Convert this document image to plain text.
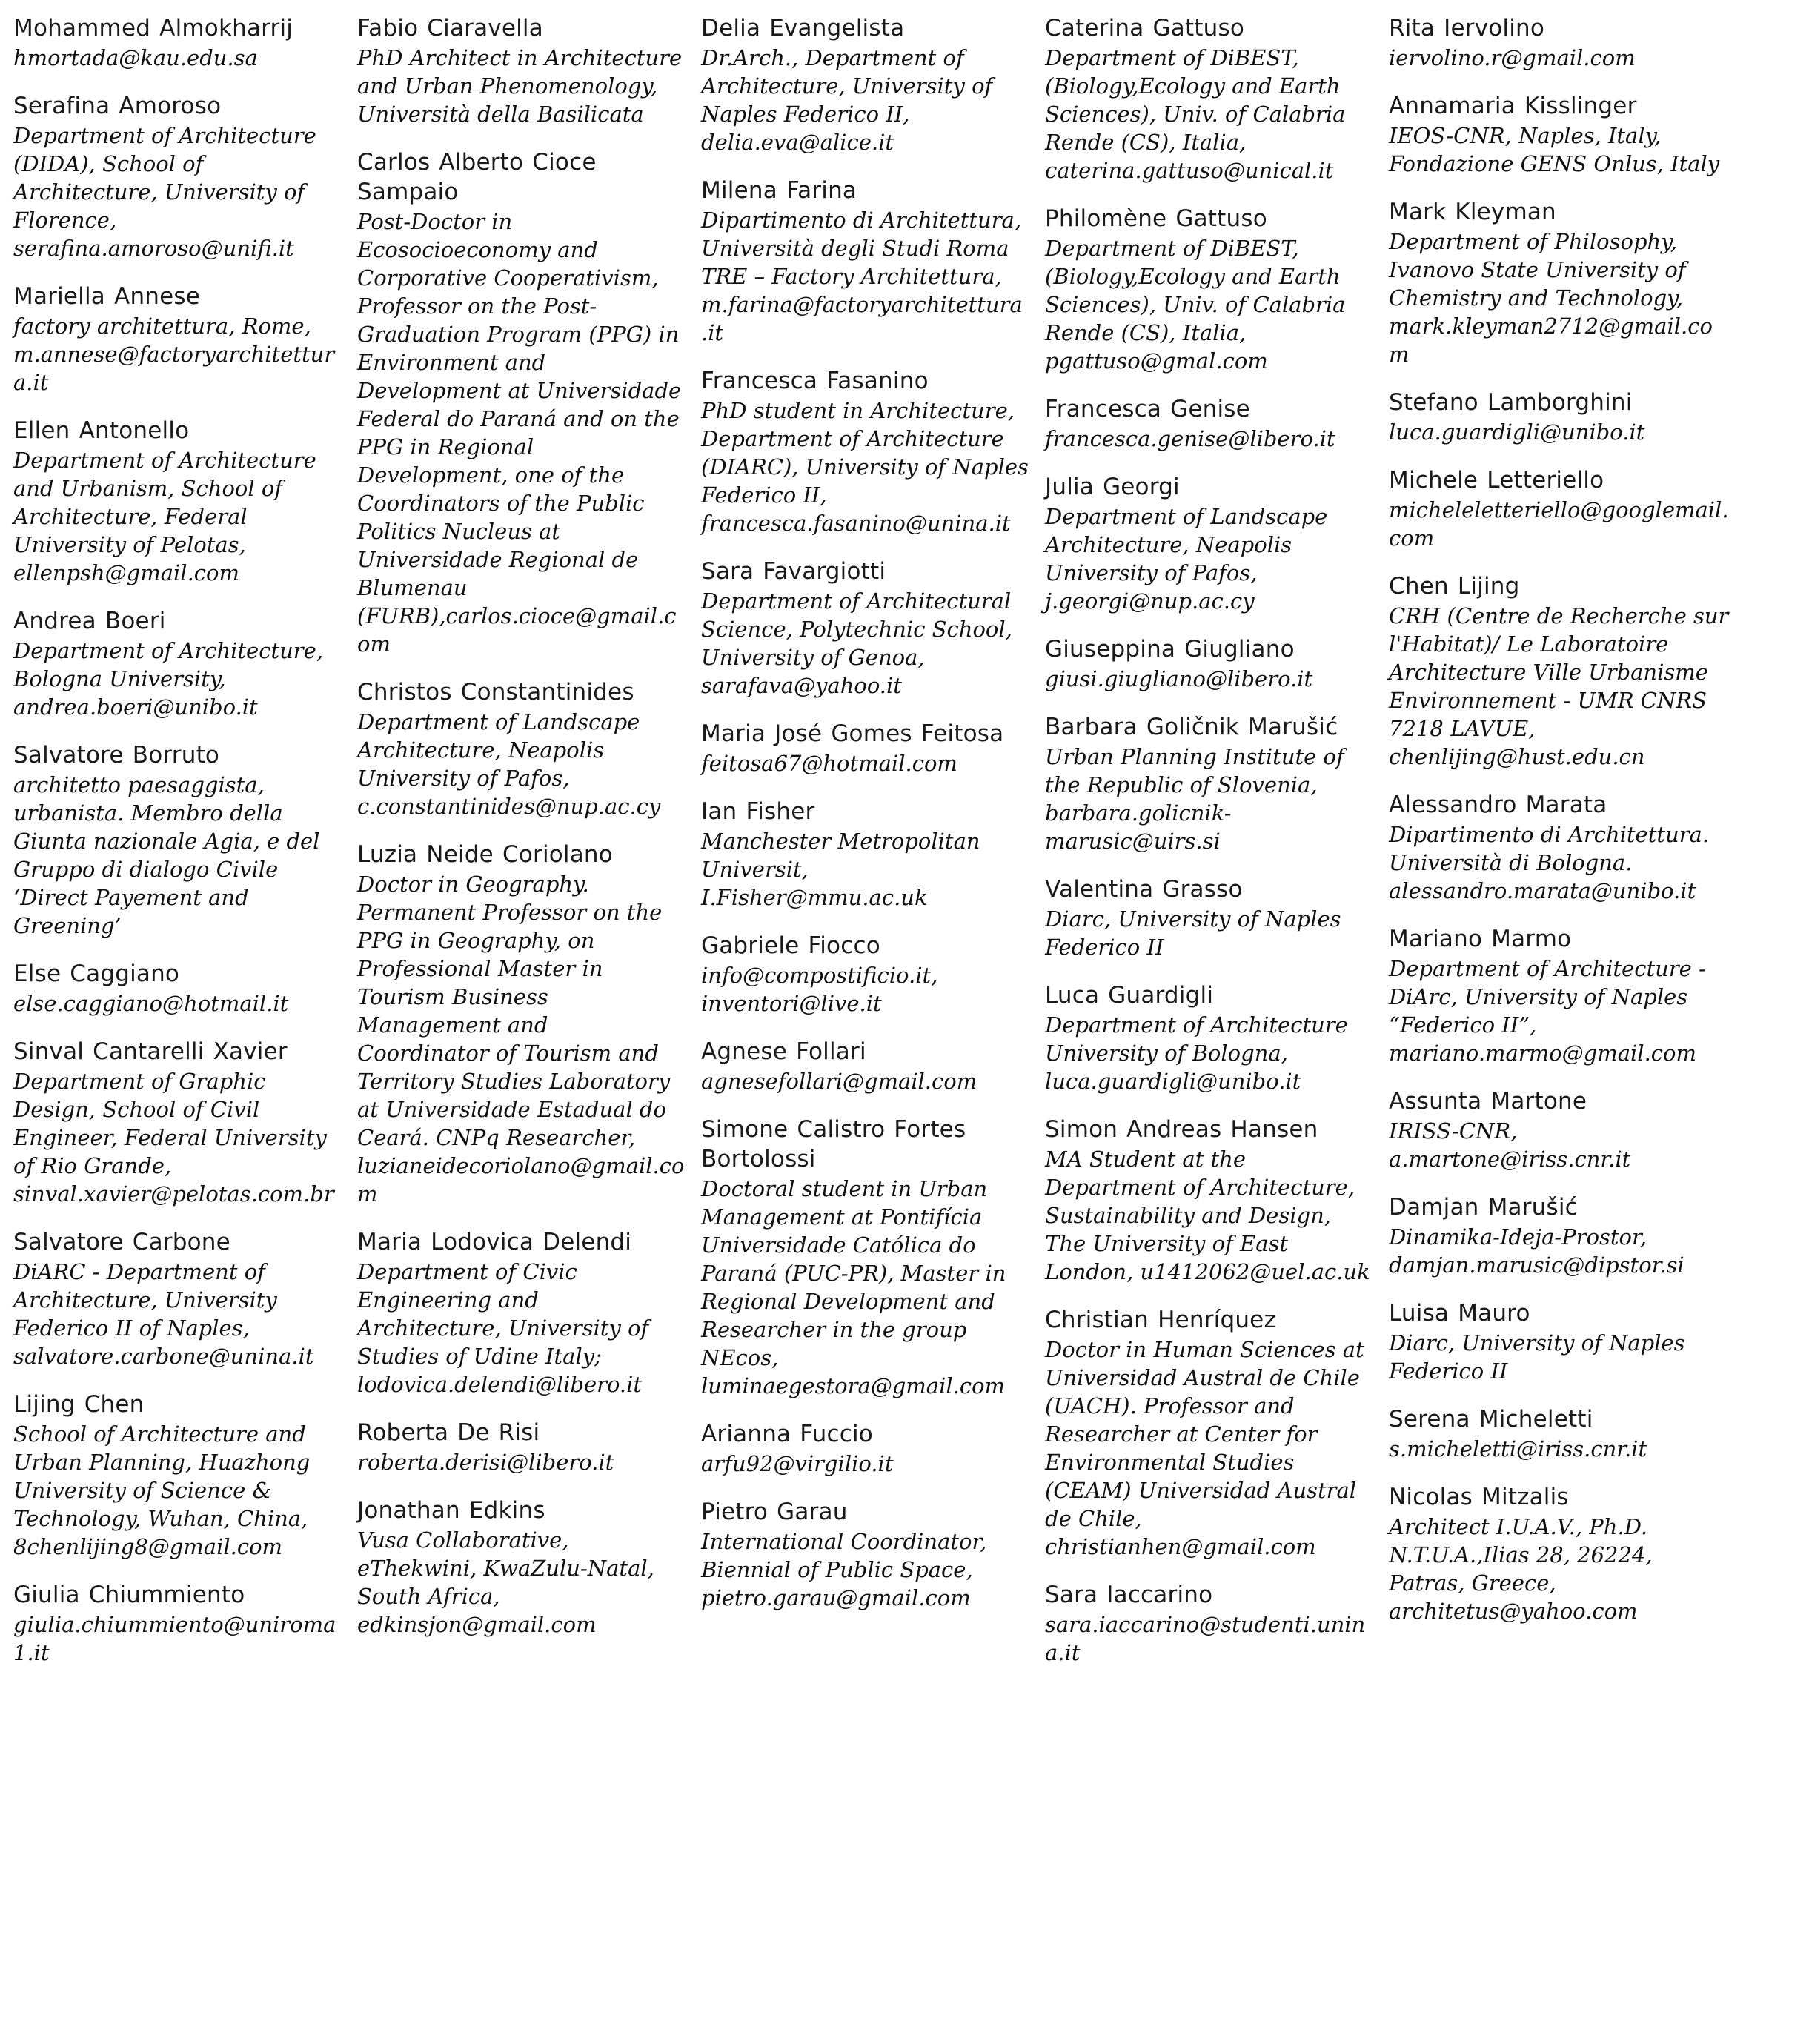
Mohammed Almokharrij
hmortada@kau.edu.sa
Serafina Amoroso
Department of Architecture (DIDA), School of Architecture, University of Florence, serafina.amoroso@unifi.it
Mariella Annese
factory architettura, Rome, m.annese@factoryarchitettura.it
Ellen Antonello
Department of Architecture and Urbanism, School of Architecture, Federal University of Pelotas, ellenpsh@gmail.com
Andrea Boeri
Department of Architecture, Bologna University, andrea.boeri@unibo.it
Salvatore Borruto
architetto paesaggista, urbanista. Membro della Giunta nazionale Agia, e del Gruppo di dialogo Civile ‘Direct Payement and Greening’
Else Caggiano
else.caggiano@hotmail.it
Sinval Cantarelli Xavier
Department of Graphic Design, School of Civil Engineer, Federal University of Rio Grande, sinval.xavier@pelotas.com.br
Salvatore Carbone
DiARC - Department of Architecture, University Federico II of Naples, salvatore.carbone@unina.it
Lijing Chen
School of Architecture and Urban Planning, Huazhong University of Science & Technology, Wuhan, China, 8chenlijing8@gmail.com
Giulia Chiummiento
giulia.chiummiento@uniroma1.it
Fabio Ciaravella
PhD Architect in Architecture and Urban Phenomenology, Università della Basilicata
Carlos Alberto Cioce Sampaio
Post-Doctor in Ecosocioeconomy and Corporative Cooperativism, Professor on the Post-Graduation Program (PPG) in Environment and Development at Universidade Federal do Paraná and on the PPG in Regional Development, one of the Coordinators of the Public Politics Nucleus at Universidade Regional de Blumenau (FURB),carlos.cioce@gmail.com
Christos Constantinides
Department of Landscape Architecture, Neapolis University of Pafos, c.constantinides@nup.ac.cy
Luzia Neide Coriolano
Doctor in Geography. Permanent Professor on the PPG in Geography, on Professional Master in Tourism Business Management and Coordinator of Tourism and Territory Studies Laboratory at Universidade Estadual do Ceará. CNPq Researcher, luzianeidecoriolano@gmail.com
Maria Lodovica Delendi
Department of Civic Engineering and Architecture, University of Studies of Udine Italy; lodovica.delendi@libero.it
Roberta De Risi
roberta.derisi@libero.it
Jonathan Edkins
Vusa Collaborative, eThekwini, KwaZulu-Natal, South Africa, edkinsjon@gmail.com
Delia Evangelista
Dr.Arch., Department of Architecture, University of Naples Federico II, delia.eva@alice.it
Milena Farina
Dipartimento di Architettura, Università degli Studi Roma TRE – Factory Architettura, m.farina@factoryarchitettura.it
Francesca Fasanino
PhD student in Architecture, Department of Architecture (DIARC), University of Naples Federico II, francesca.fasanino@unina.it
Sara Favargiotti
Department of Architectural Science, Polytechnic School, University of Genoa, sarafava@yahoo.it
Maria José Gomes Feitosa
feitosa67@hotmail.com
Ian Fisher
Manchester Metropolitan Universit, I.Fisher@mmu.ac.uk
Gabriele Fiocco
info@compostificio.it, inventori@live.it
Agnese Follari
agnesefollari@gmail.com
Simone Calistro Fortes Bortolossi
Doctoral student in Urban Management at Pontifícia Universidade Católica do Paraná (PUC-PR), Master in Regional Development and Researcher in the group NEcos, luminaegestora@gmail.com
Arianna Fuccio
arfu92@virgilio.it
Pietro Garau
International Coordinator, Biennial of Public Space, pietro.garau@gmail.com
Caterina Gattuso
Department of DiBEST, (Biology,Ecology and Earth Sciences), Univ. of Calabria Rende (CS), Italia, caterina.gattuso@unical.it
Philomène Gattuso
Department of DiBEST, (Biology,Ecology and Earth Sciences), Univ. of Calabria Rende (CS), Italia, pgattuso@gmal.com
Francesca Genise
francesca.genise@libero.it
Julia Georgi
Department of Landscape Architecture, Neapolis University of Pafos, j.georgi@nup.ac.cy
Giuseppina Giugliano
giusi.giugliano@libero.it
Barbara Goličnik Marušić
Urban Planning Institute of the Republic of Slovenia, barbara.golicnik-marusic@uirs.si
Valentina Grasso
Diarc, University of Naples Federico II
Luca Guardigli
Department of Architecture University of Bologna, luca.guardigli@unibo.it
Simon Andreas Hansen
MA Student at the Department of Architecture, Sustainability and Design, The University of East London, u1412062@uel.ac.uk
Christian Henríquez
Doctor in Human Sciences at Universidad Austral de Chile (UACH). Professor and Researcher at Center for Environmental Studies (CEAM) Universidad Austral de Chile, christianhen@gmail.com
Sara Iaccarino
sara.iaccarino@studenti.unina.it
Rita Iervolino
iervolino.r@gmail.com
Annamaria Kisslinger
IEOS-CNR, Naples, Italy, Fondazione GENS Onlus, Italy
Mark Kleyman
Department of Philosophy, Ivanovo State University of Chemistry and Technology, mark.kleyman2712@gmail.com
Stefano Lamborghini
luca.guardigli@unibo.it
Michele Letteriello
micheleletteriello@googlemail.com
Chen Lijing
CRH (Centre de Recherche sur l'Habitat)/ Le Laboratoire Architecture Ville Urbanisme Environnement - UMR CNRS 7218 LAVUE, chenlijing@hust.edu.cn
Alessandro Marata
Dipartimento di Architettura. Università di Bologna. alessandro.marata@unibo.it
Mariano Marmo
Department of Architecture - DiArc, University of Naples “Federico II”, mariano.marmo@gmail.com
Assunta Martone
IRISS-CNR, a.martone@iriss.cnr.it
Damjan Marušić
Dinamika-Ideja-Prostor, damjan.marusic@dipstor.si
Luisa Mauro
Diarc, University of Naples Federico II
Serena Micheletti
s.micheletti@iriss.cnr.it
Nicolas Mitzalis
Architect I.U.A.V., Ph.D. N.T.U.A.,Ilias 28, 26224, Patras, Greece, architetus@yahoo.com
